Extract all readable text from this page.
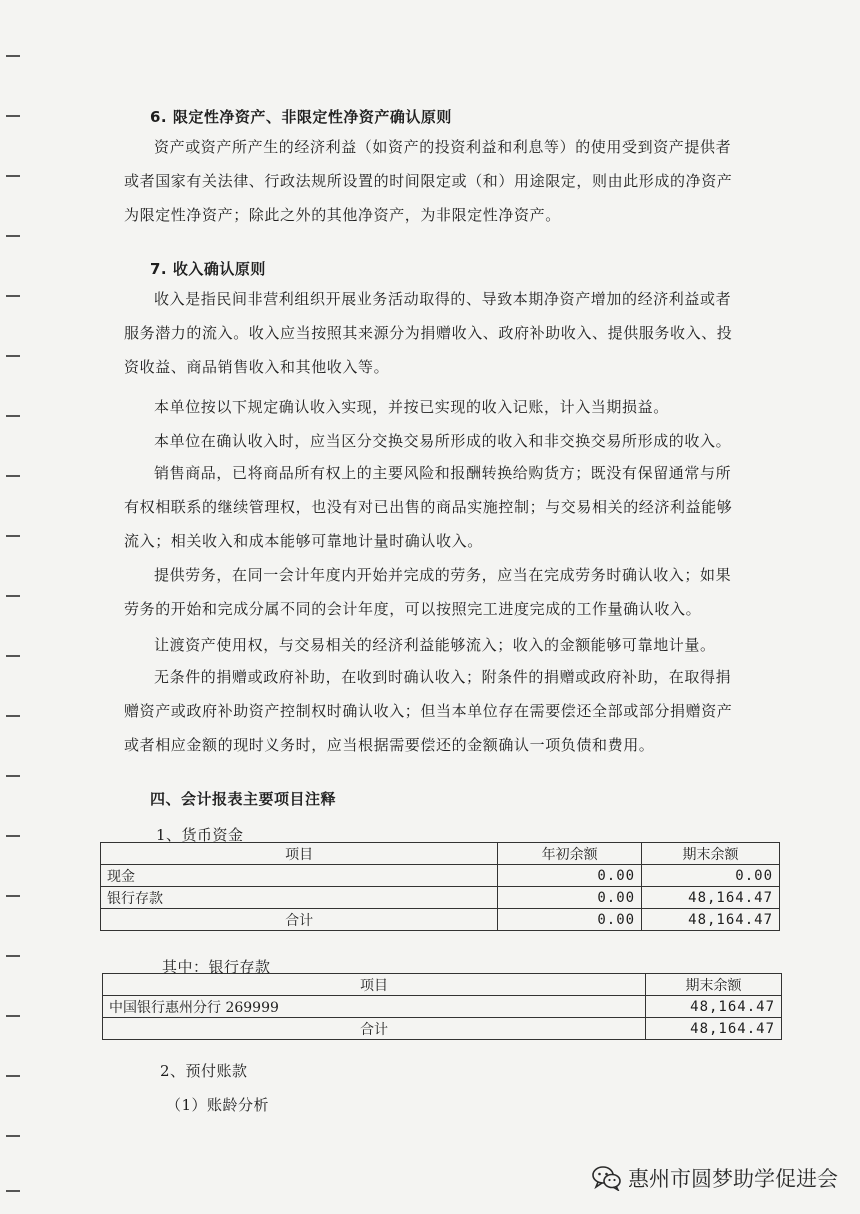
6. 限定性净资产、非限定性净资产确认原则
资产或资产所产生的经济利益（如资产的投资利益和利息等）的使用受到资产提供者或者国家有关法律、行政法规所设置的时间限定或（和）用途限定，则由此形成的净资产为限定性净资产；除此之外的其他净资产，为非限定性净资产。
7. 收入确认原则
收入是指民间非营利组织开展业务活动取得的、导致本期净资产增加的经济利益或者服务潜力的流入。收入应当按照其来源分为捐赠收入、政府补助收入、提供服务收入、投资收益、商品销售收入和其他收入等。
本单位按以下规定确认收入实现，并按已实现的收入记账，计入当期损益。
本单位在确认收入时，应当区分交换交易所形成的收入和非交换交易所形成的收入。
销售商品，已将商品所有权上的主要风险和报酬转换给购货方；既没有保留通常与所有权相联系的继续管理权，也没有对已出售的商品实施控制；与交易相关的经济利益能够流入；相关收入和成本能够可靠地计量时确认收入。
提供劳务，在同一会计年度内开始并完成的劳务，应当在完成劳务时确认收入；如果劳务的开始和完成分属不同的会计年度，可以按照完工进度完成的工作量确认收入。
让渡资产使用权，与交易相关的经济利益能够流入；收入的金额能够可靠地计量。
无条件的捐赠或政府补助，在收到时确认收入；附条件的捐赠或政府补助，在取得捐赠资产或政府补助资产控制权时确认收入；但当本单位存在需要偿还全部或部分捐赠资产或者相应金额的现时义务时，应当根据需要偿还的金额确认一项负债和费用。
四、会计报表主要项目注释
1、货币资金
项目	年初余额	期末余额
现金	0.00	0.00
银行存款	0.00	48,164.47
合计	0.00	48,164.47
其中：银行存款
项目	期末余额
中国银行惠州分行 269999	48,164.47
合计	48,164.47
2、预付账款
（1）账龄分析
惠州市圆梦助学促进会
